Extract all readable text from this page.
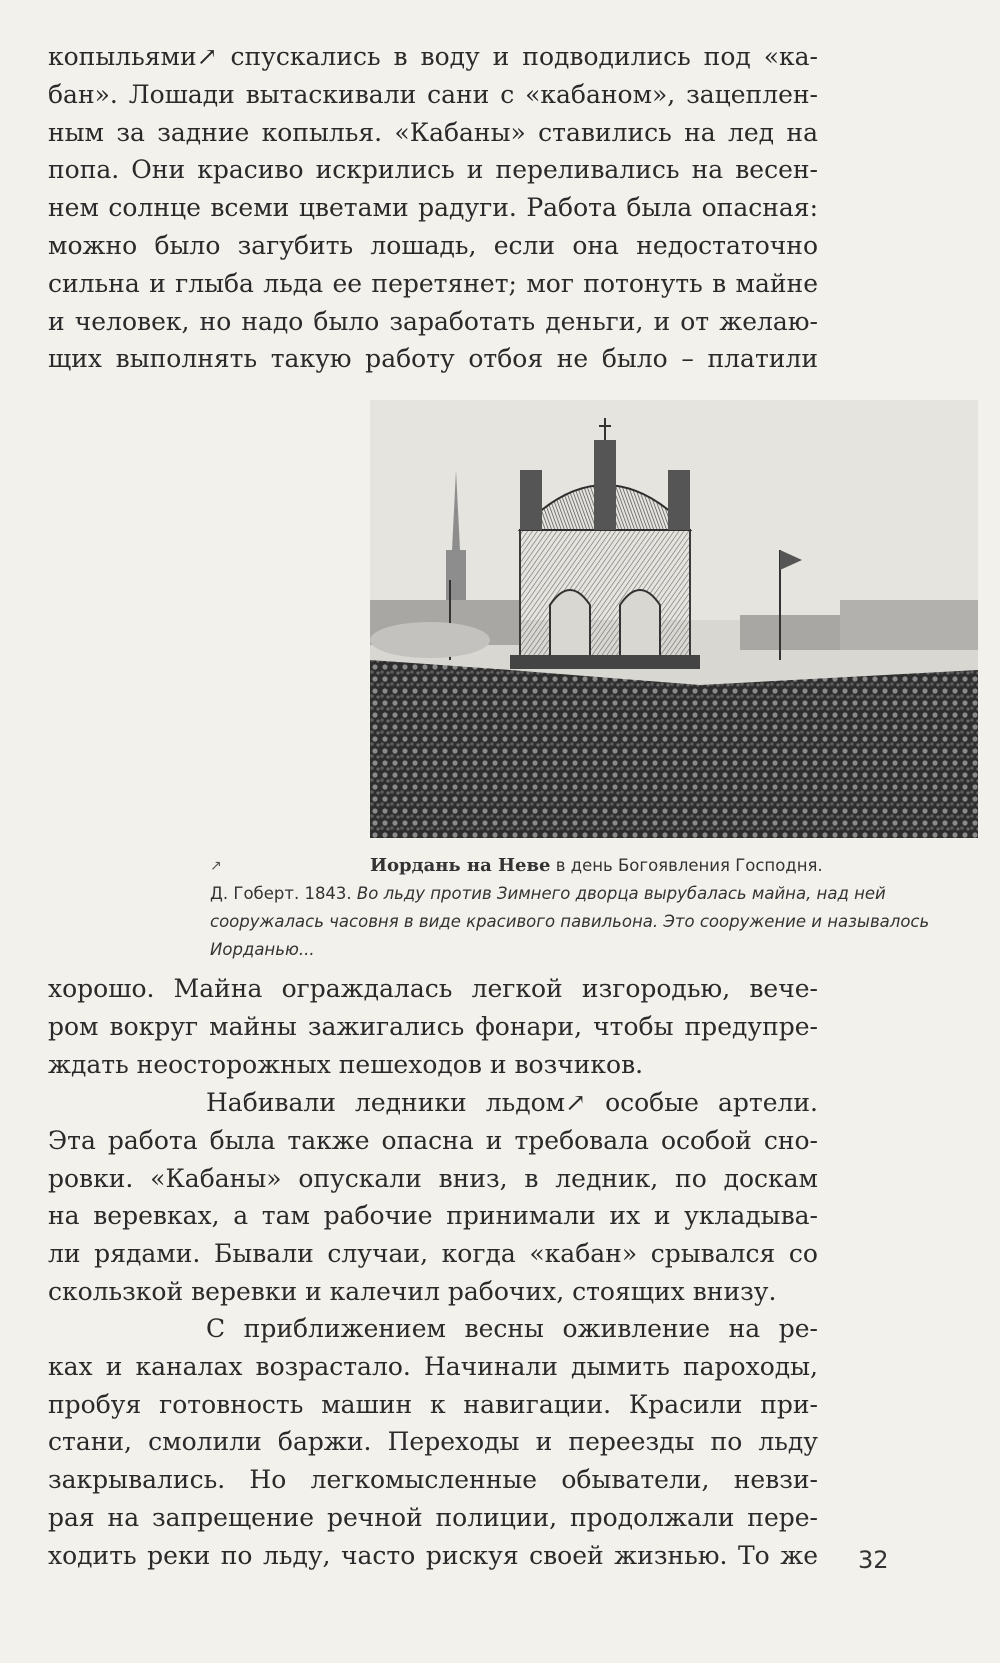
копыльями↗ спускались в воду и подводились под «ка-
бан». Лошади вытаскивали сани с «кабаном», зацеплен-
ным за задние копылья. «Кабаны» ставились на лед на
попа. Они красиво искрились и переливались на весен-
нем солнце всеми цветами радуги. Работа была опасная:
можно было загубить лошадь, если она недостаточно
сильна и глыба льда ее перетянет; мог потонуть в майне
и человек, но надо было заработать деньги, и от желаю-
щих выполнять такую работу отбоя не было – платили

↗	Иордань на Неве в день Богоявления Господня.
Д. Гоберт. 1843. Во льду против Зимнего дворца вырубалась майна, над ней сооружалась часовня в виде красивого павильона. Это сооружение и называлось Иорданью...

хорошо. Майна ограждалась легкой изгородью, вече-
ром вокруг майны зажигались фонари, чтобы предупре-
ждать неосторожных пешеходов и возчиков.

Набивали ледники льдом↗ особые артели.
Эта работа была также опасна и требовала особой сно-
ровки. «Кабаны» опускали вниз, в ледник, по доскам
на веревках, а там рабочие принимали их и укладыва-
ли рядами. Бывали случаи, когда «кабан» срывался со
скользкой веревки и калечил рабочих, стоящих внизу.

С приближением весны оживление на ре-
ках и каналах возрастало. Начинали дымить пароходы,
пробуя готовность машин к навигации. Красили при-
стани, смолили баржи. Переходы и переезды по льду
закрывались. Но легкомысленные обыватели, невзи-
рая на запрещение речной полиции, продолжали пере-
ходить реки по льду, часто рискуя своей жизнью. То же 32
